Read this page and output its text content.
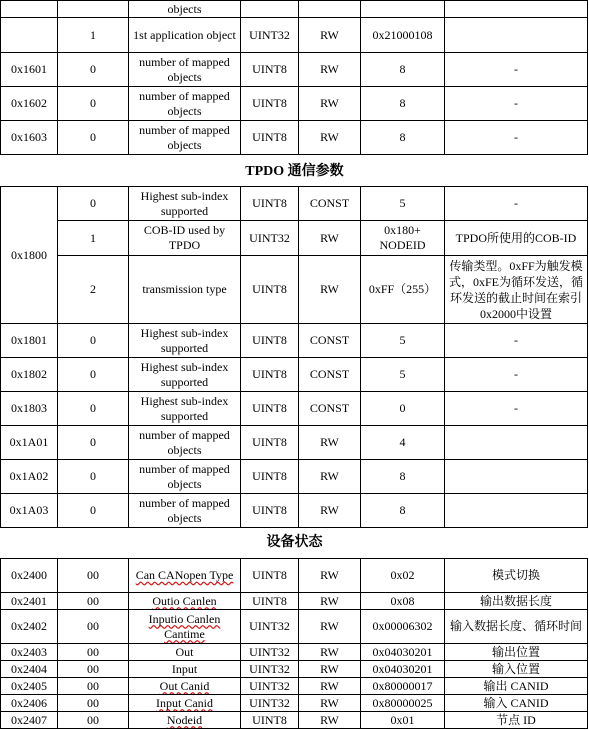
		objects				
	1	1st application object	UINT32	RW	0x21000108	
0x1601	0	number of mapped objects	UINT8	RW	8	-
0x1602	0	number of mapped objects	UINT8	RW	8	-
0x1603	0	number of mapped objects	UINT8	RW	8	-
TPDO 通信参数
0x1800	0	Highest sub-index supported	UINT8	CONST	5	-
	1	COB-ID used by TPDO	UINT32	RW	0x180+ NODEID	TPDO所使用的COB-ID
	2	transmission type	UINT8	RW	0xFF（255）	传输类型。0xFF为触发模式，0xFE为循环发送，循环发送的截止时间在索引0x2000中设置
0x1801	0	Highest sub-index supported	UINT8	CONST	5	-
0x1802	0	Highest sub-index supported	UINT8	CONST	5	-
0x1803	0	Highest sub-index supported	UINT8	CONST	0	-
0x1A01	0	number of mapped objects	UINT8	RW	4	
0x1A02	0	number of mapped objects	UINT8	RW	8	
0x1A03	0	number of mapped objects	UINT8	RW	8	
设备状态
0x2400	00	Can CANopen Type	UINT8	RW	0x02	模式切换
0x2401	00	Outio Canlen	UINT8	RW	0x08	输出数据长度
0x2402	00	Inputio Canlen Cantime	UINT32	RW	0x00006302	输入数据长度、循环时间
0x2403	00	Out	UINT32	RW	0x04030201	输出位置
0x2404	00	Input	UINT32	RW	0x04030201	输入位置
0x2405	00	Out Canid	UINT32	RW	0x80000017	输出 CANID
0x2406	00	Input Canid	UINT32	RW	0x80000025	输入 CANID
0x2407	00	Nodeid	UINT8	RW	0x01	节点 ID
